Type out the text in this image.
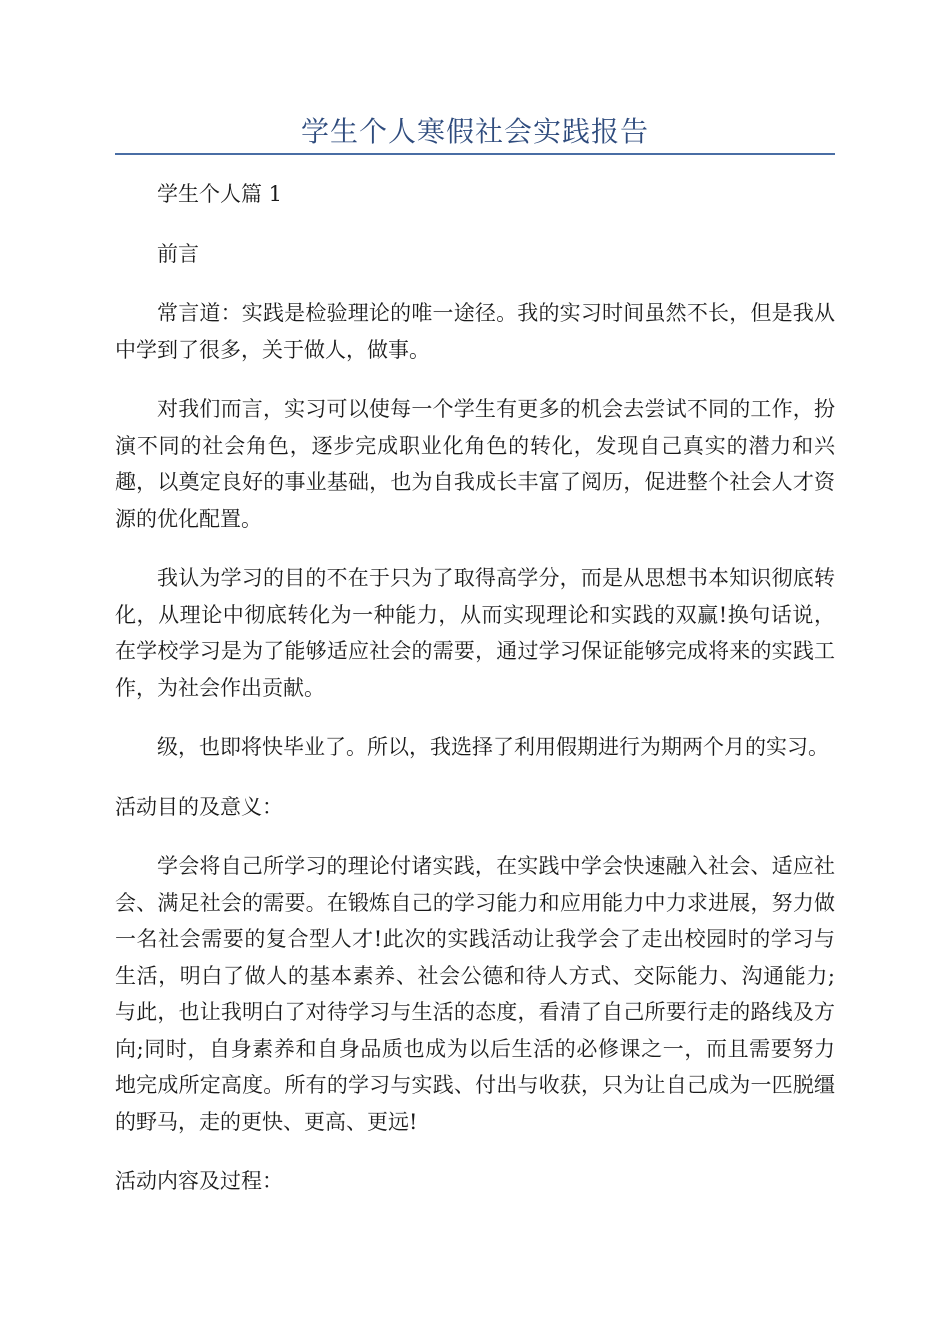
学生个人寒假社会实践报告

学生个人篇 1

前言

常言道：实践是检验理论的唯一途径。我的实习时间虽然不长，但是我从中学到了很多，关于做人，做事。

对我们而言，实习可以使每一个学生有更多的机会去尝试不同的工作，扮演不同的社会角色，逐步完成职业化角色的转化，发现自己真实的潜力和兴趣，以奠定良好的事业基础，也为自我成长丰富了阅历，促进整个社会人才资源的优化配置。

我认为学习的目的不在于只为了取得高学分，而是从思想书本知识彻底转化，从理论中彻底转化为一种能力，从而实现理论和实践的双赢!换句话说，在学校学习是为了能够适应社会的需要，通过学习保证能够完成将来的实践工作，为社会作出贡献。

级，也即将快毕业了。所以，我选择了利用假期进行为期两个月的实习。

活动目的及意义：

学会将自己所学习的理论付诸实践，在实践中学会快速融入社会、适应社会、满足社会的需要。在锻炼自己的学习能力和应用能力中力求进展，努力做一名社会需要的复合型人才!此次的实践活动让我学会了走出校园时的学习与生活，明白了做人的基本素养、社会公德和待人方式、交际能力、沟通能力;与此，也让我明白了对待学习与生活的态度，看清了自己所要行走的路线及方向;同时，自身素养和自身品质也成为以后生活的必修课之一，而且需要努力地完成所定高度。所有的学习与实践、付出与收获，只为让自己成为一匹脱缰的野马，走的更快、更高、更远!

活动内容及过程：
